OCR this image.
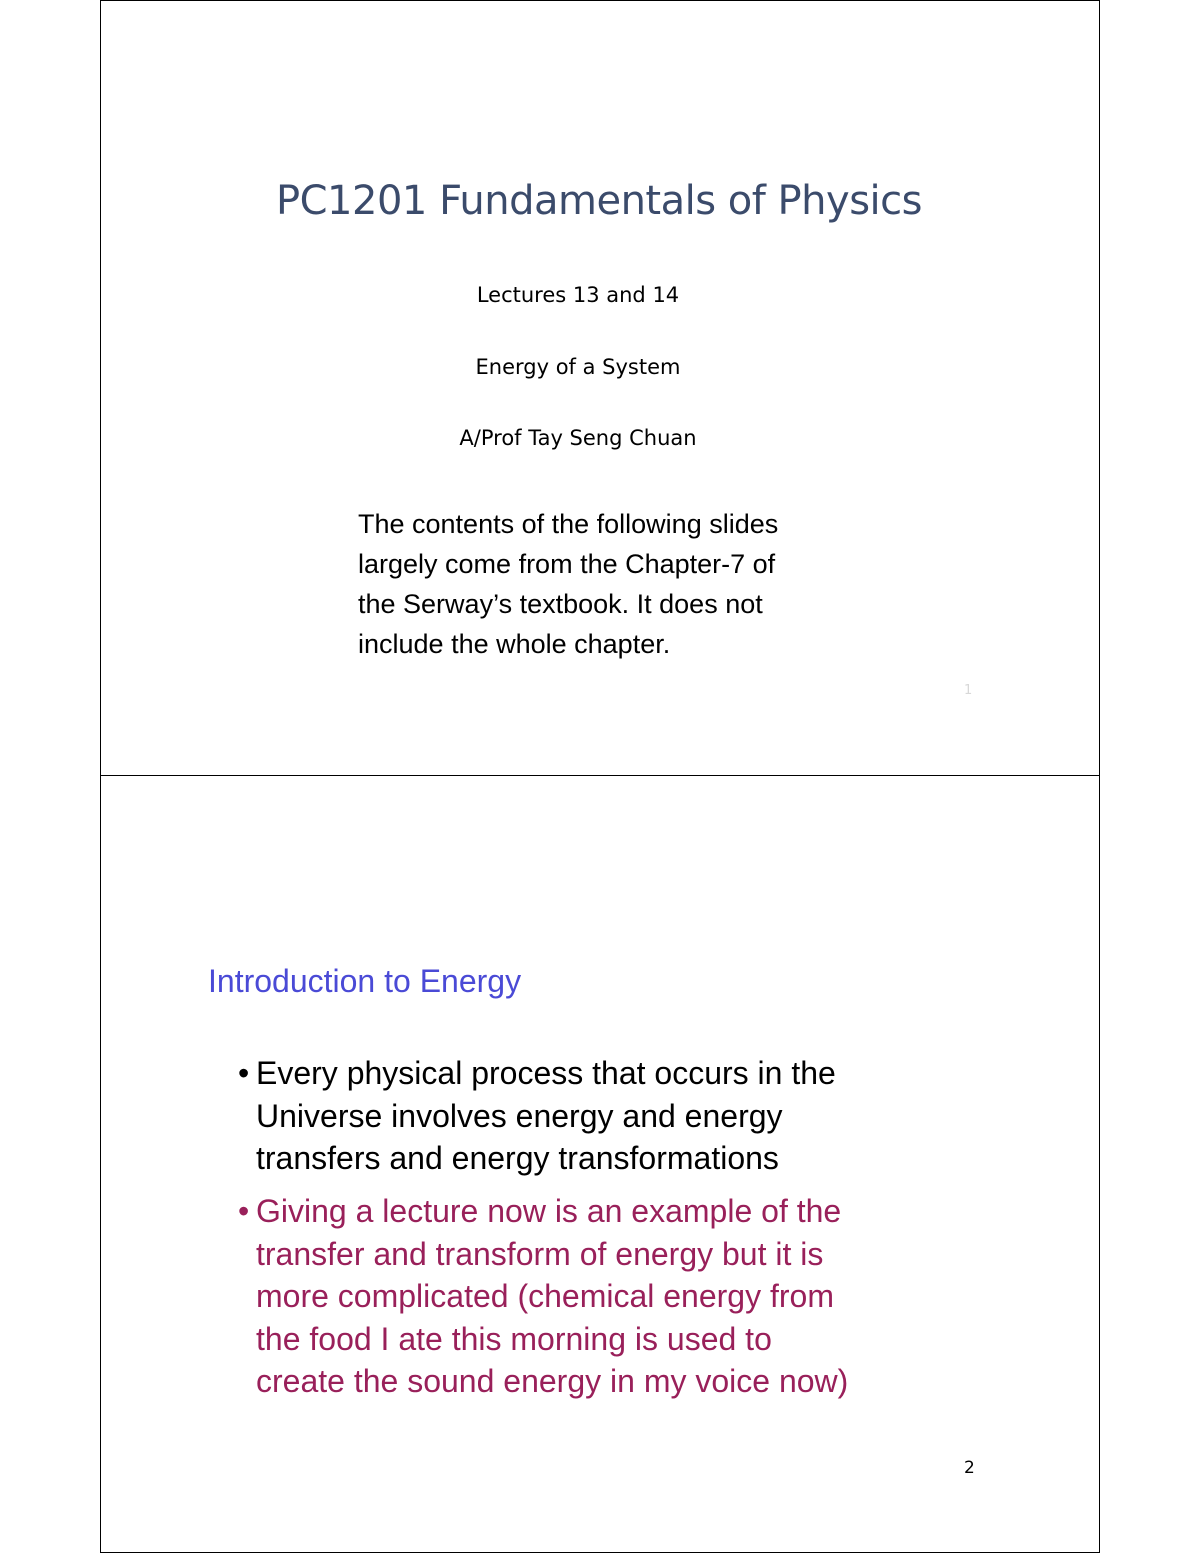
PC1201 Fundamentals of Physics
Lectures 13 and 14
Energy of a System
A/Prof Tay Seng Chuan
The contents of the following slides
largely come from the Chapter-7 of
the Serway’s textbook. It does not
include the whole chapter.
1
Introduction to Energy
• Every physical process that occurs in the
Universe involves energy and energy
transfers and energy transformations
• Giving a lecture now is an example of the
transfer and transform of energy but it is
more complicated (chemical energy from
the food I ate this morning is used to
create the sound energy in my voice now)
2
